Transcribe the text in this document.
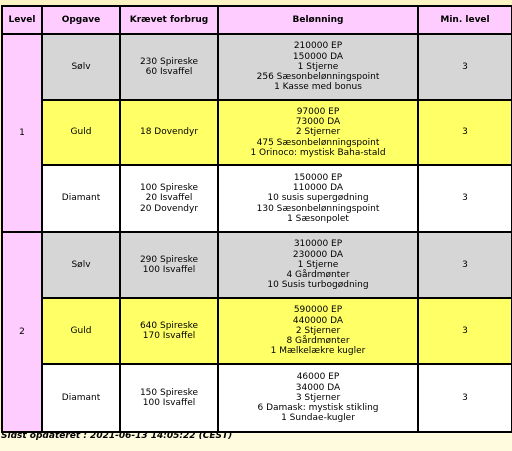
Level	Opgave	Krævet forbrug	Belønning	Min. level
1	Sølv	230 Spireske
60 Isvaffel	210000 EP
150000 DA
1 Stjerne
256 Sæsonbelønningspoint
1 Kasse med bonus	3
	Guld	18 Dovendyr	97000 EP
73000 DA
2 Stjerner
475 Sæsonbelønningspoint
1 Orinoco: mystisk Baha-stald	3
	Diamant	100 Spireske
20 Isvaffel
20 Dovendyr	150000 EP
110000 DA
10 susis supergødning
130 Sæsonbelønningspoint
1 Sæsonpolet	3
2	Sølv	290 Spireske
100 Isvaffel	310000 EP
230000 DA
1 Stjerne
4 Gårdmønter
10 Susis turbogødning	3
	Guld	640 Spireske
170 Isvaffel	590000 EP
440000 DA
2 Stjerner
8 Gårdmønter
1 Mælkelækre kugler	3
	Diamant	150 Spireske
100 Isvaffel	46000 EP
34000 DA
3 Stjerner
6 Damask: mystisk stikling
1 Sundae-kugler	3
Sidst opdateret : 2021-06-13 14:05:22 (CEST)
